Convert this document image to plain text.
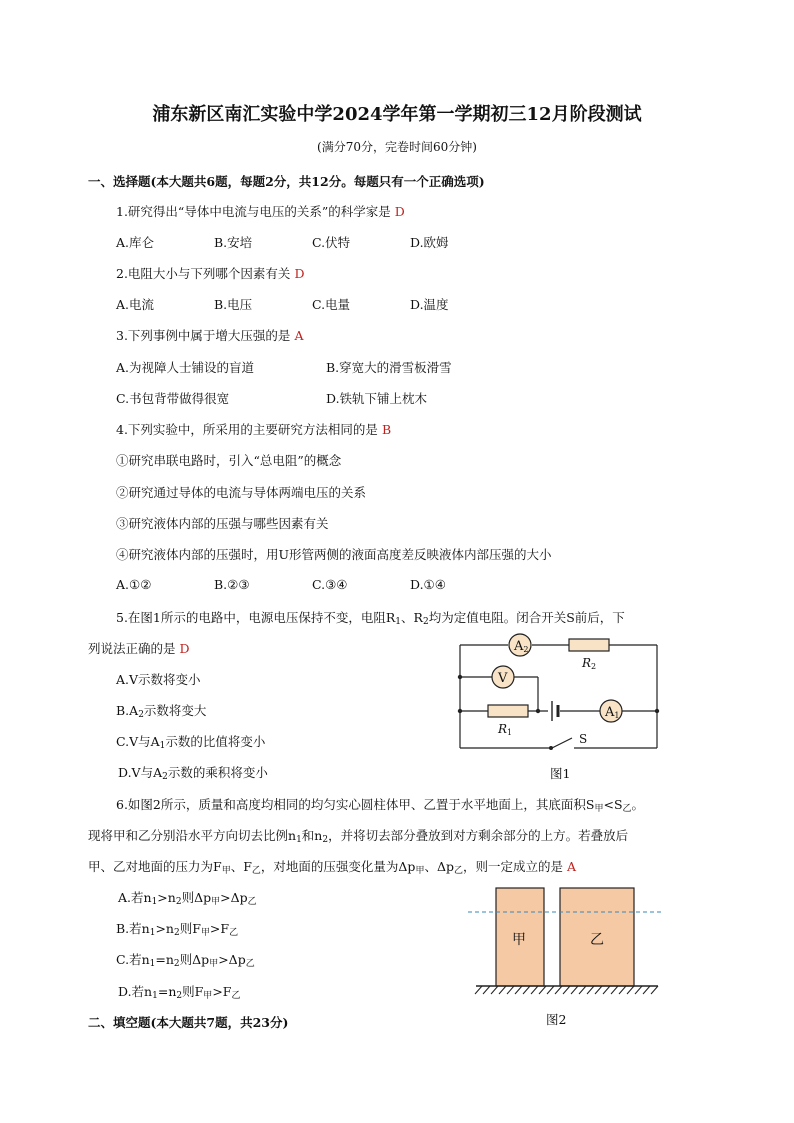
浦东新区南汇实验中学2024学年第一学期初三12月阶段测试
(满分70分，完卷时间60分钟)
一、选择题(本大题共6题，每题2分，共12分。每题只有一个正确选项)
1.研究得出“导体中电流与电压的关系”的科学家是 D
A.库仑	B.安培	C.伏特	D.欧姆
2.电阻大小与下列哪个因素有关 D
A.电流	B.电压	C.电量	D.温度
3.下列事例中属于增大压强的是 A
A.为视障人士铺设的盲道	B.穿宽大的滑雪板滑雪
C.书包背带做得很宽	D.铁轨下铺上枕木
4.下列实验中，所采用的主要研究方法相同的是 B
①研究串联电路时，引入“总电阻”的概念
②研究通过导体的电流与导体两端电压的关系
③研究液体内部的压强与哪些因素有关
④研究液体内部的压强时，用U形管两侧的液面高度差反映液体内部压强的大小
A.①②	B.②③	C.③④	D.①④
5.在图1所示的电路中，电源电压保持不变，电阻$R_1$、$R_2$均为定值电阻。闭合开关S前后，下
列说法正确的是 D
A.V示数将变小
$B.A_2$示数将变大
C.V与$A_1$示数的比值将变小
D.V与$A_2$示数的乘积将变小
A2
V
A1
R2
R1	S
图1
6.如图2所示，质量和高度均相同的均匀实心圆柱体甲、乙置于水平地面上，其底面积$S_甲<S_乙$。
现将甲和乙分别沿水平方向切去比例$n_1$和$n_2$，并将切去部分叠放到对方剩余部分的上方。若叠放后
甲、乙对地面的压力为$F_甲$、$F_乙$，对地面的压强变化量为$\Delta p_甲$、$\Delta p_乙$，则一定成立的是 A
A.若$n_1>n_2$则$\Delta p_甲>\Delta p_乙$
B.若$n_1>n_2$则$F_甲>F_乙$
C.若$n_1=n_2$则$\Delta p_甲>\Delta p_乙$
D.若$n_1=n_2$则$F_甲>F_乙$
甲	乙
图2
二、填空题(本大题共7题，共23分)
